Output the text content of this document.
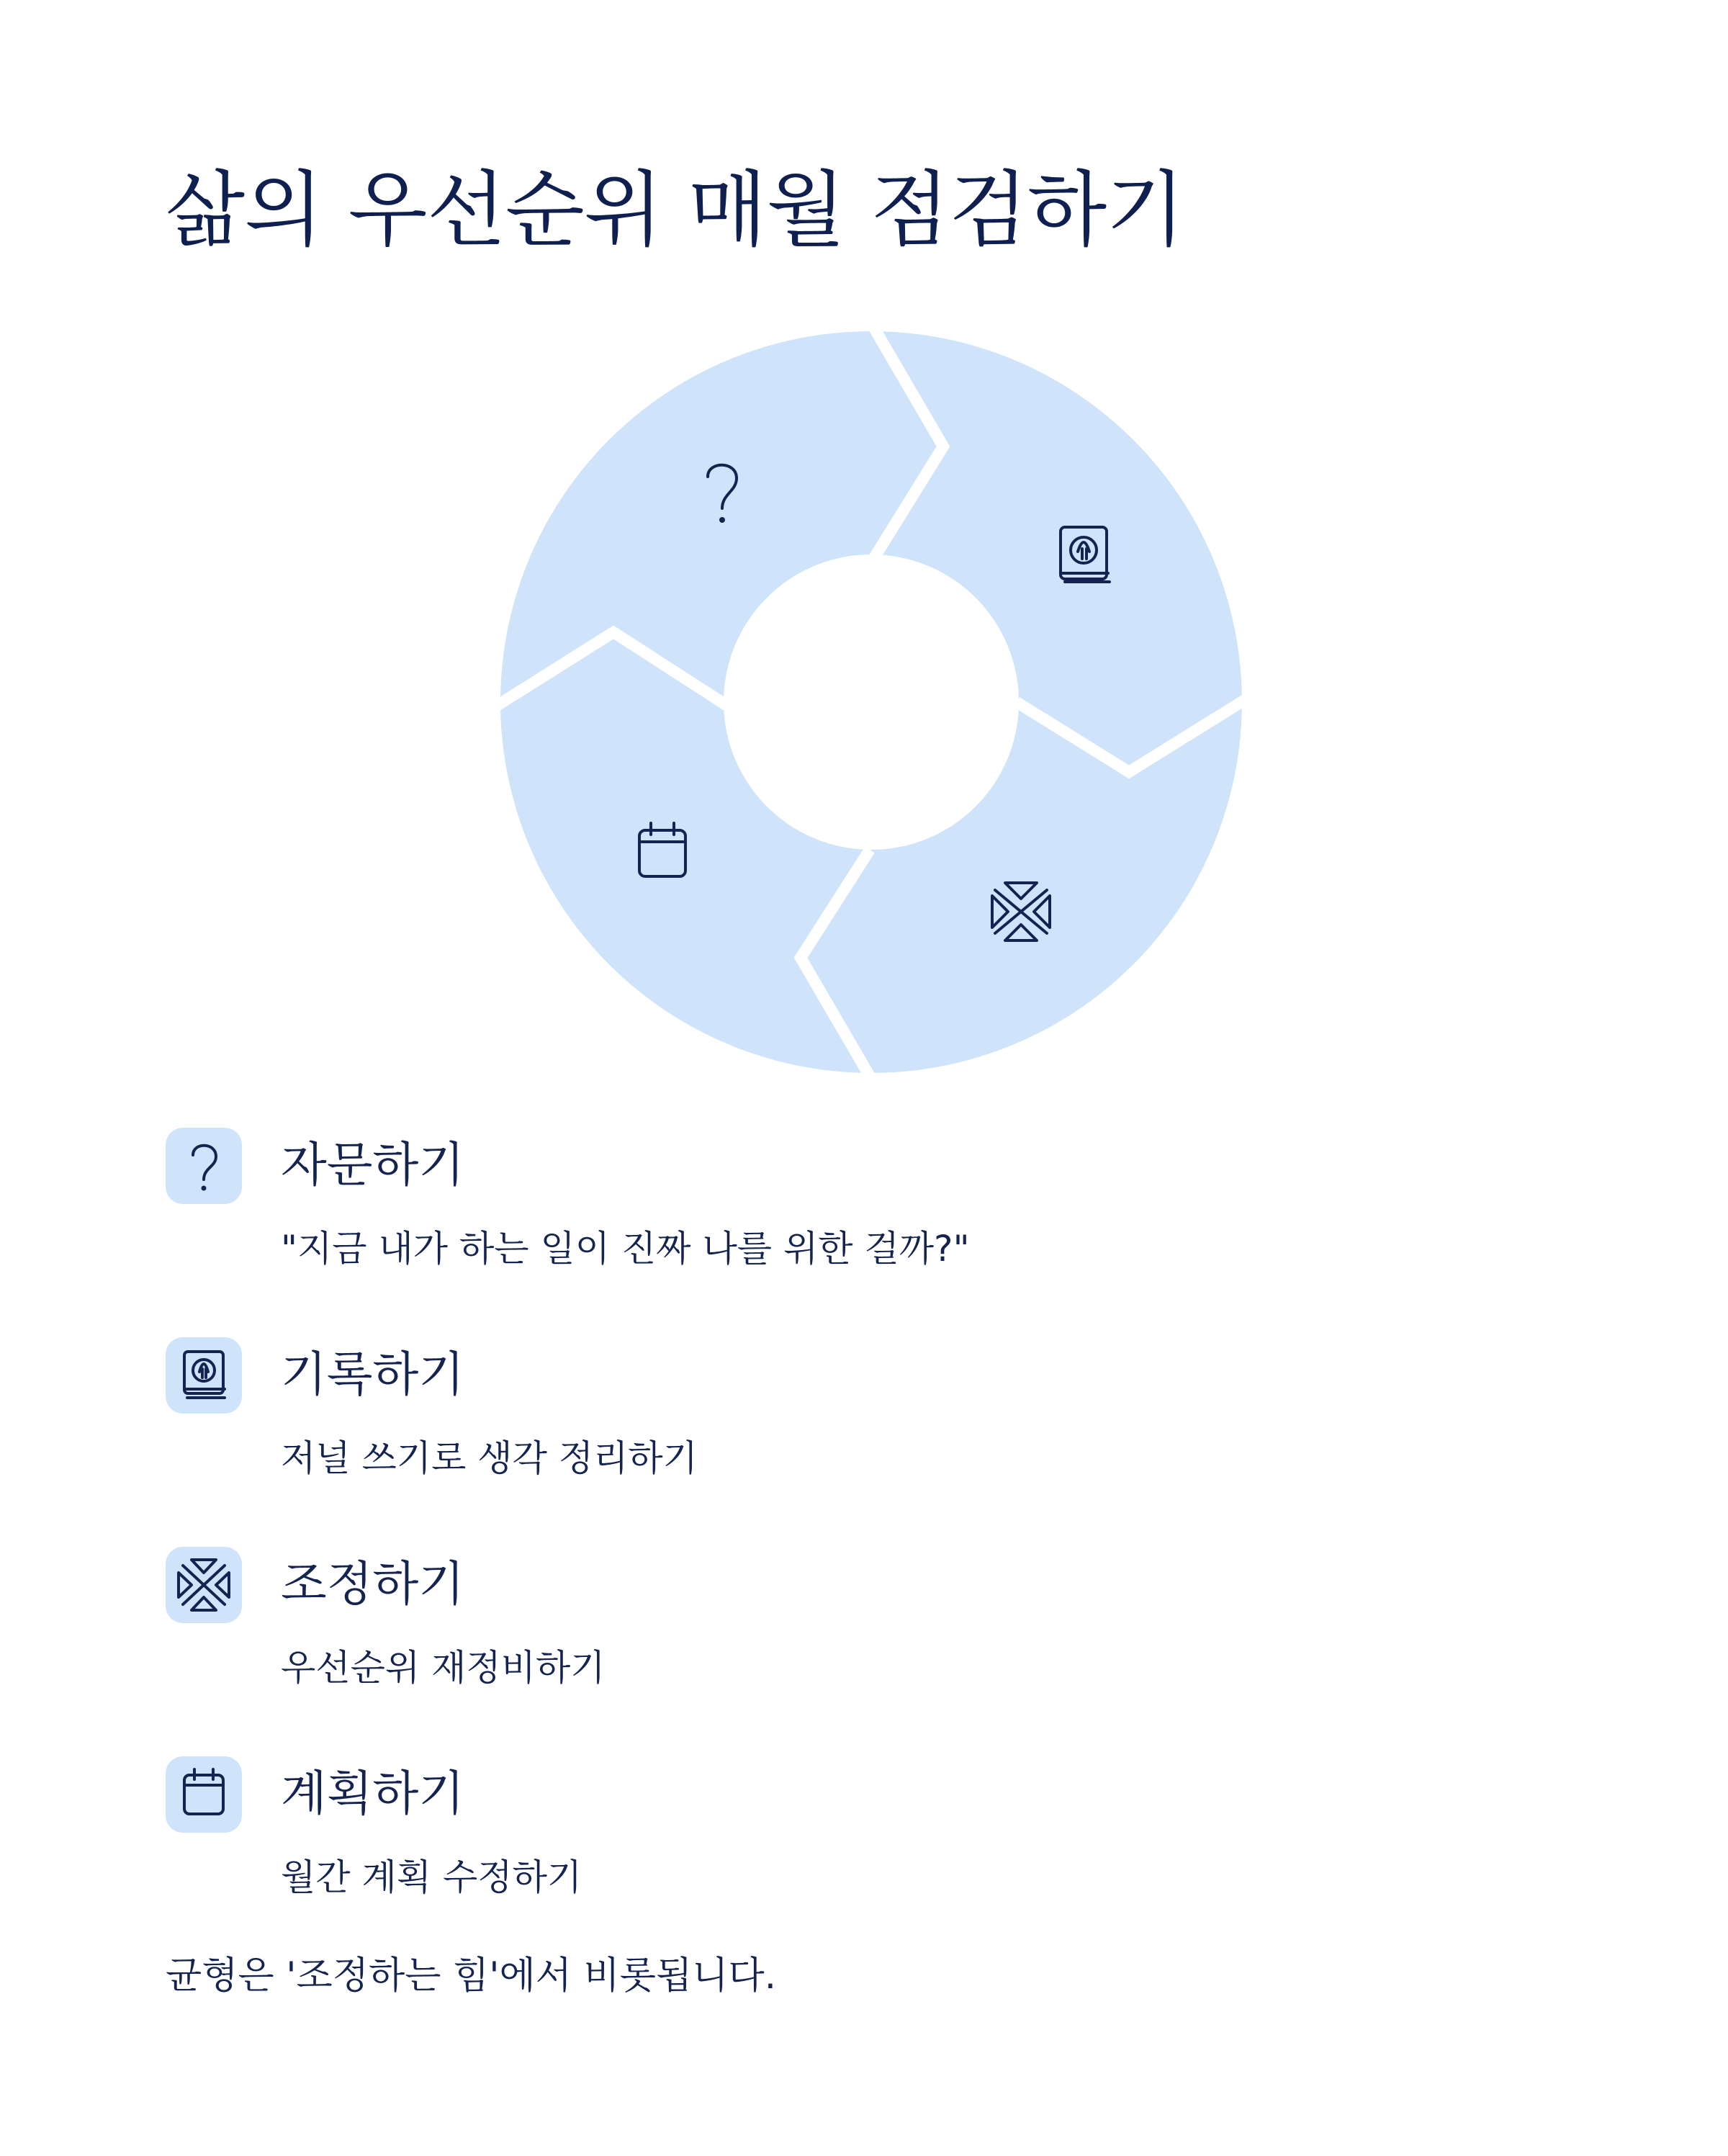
삶의 우선순위 매월 점검하기
자문하기
"지금 내가 하는 일이 진짜 나를 위한 걸까?"
기록하기
저널 쓰기로 생각 정리하기
조정하기
우선순위 재정비하기
계획하기
월간 계획 수정하기
균형은 '조정하는 힘'에서 비롯됩니다.
